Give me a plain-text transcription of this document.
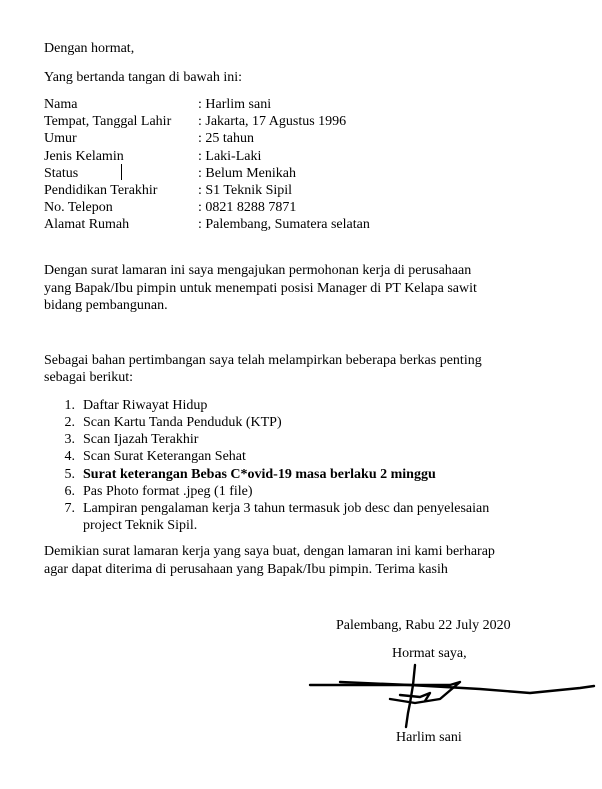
Dengan hormat,
Yang bertanda tangan di bawah ini:
Nama	: Harlim sani
Tempat, Tanggal Lahir : Jakarta, 17 Agustus 1996
Umur	: 25 tahun
Jenis Kelamin	: Laki-Laki
Status	: Belum Menikah
Pendidikan Terakhir	: S1 Teknik Sipil
No. Telepon	: 0821 8288 7871
Alamat Rumah	: Palembang, Sumatera selatan
Dengan surat lamaran ini saya mengajukan permohonan kerja di perusahaan
yang Bapak/Ibu pimpin untuk menempati posisi Manager di PT Kelapa sawit
bidang pembangunan.
Sebagai bahan pertimbangan saya telah melampirkan beberapa berkas penting
sebagai berikut:
1. Daftar Riwayat Hidup
2. Scan Kartu Tanda Penduduk (KTP)
3. Scan Ijazah Terakhir
4. Scan Surat Keterangan Sehat
5. Surat keterangan Bebas C*ovid-19 masa berlaku 2 minggu
6. Pas Photo format .jpeg (1 file)
7. Lampiran pengalaman kerja 3 tahun termasuk job desc dan penyelesaian
project Teknik Sipil.
Demikian surat lamaran kerja yang saya buat, dengan lamaran ini kami berharap
agar dapat diterima di perusahaan yang Bapak/Ibu pimpin. Terima kasih
Palembang, Rabu 22 July 2020
Hormat saya,
Harlim sani
